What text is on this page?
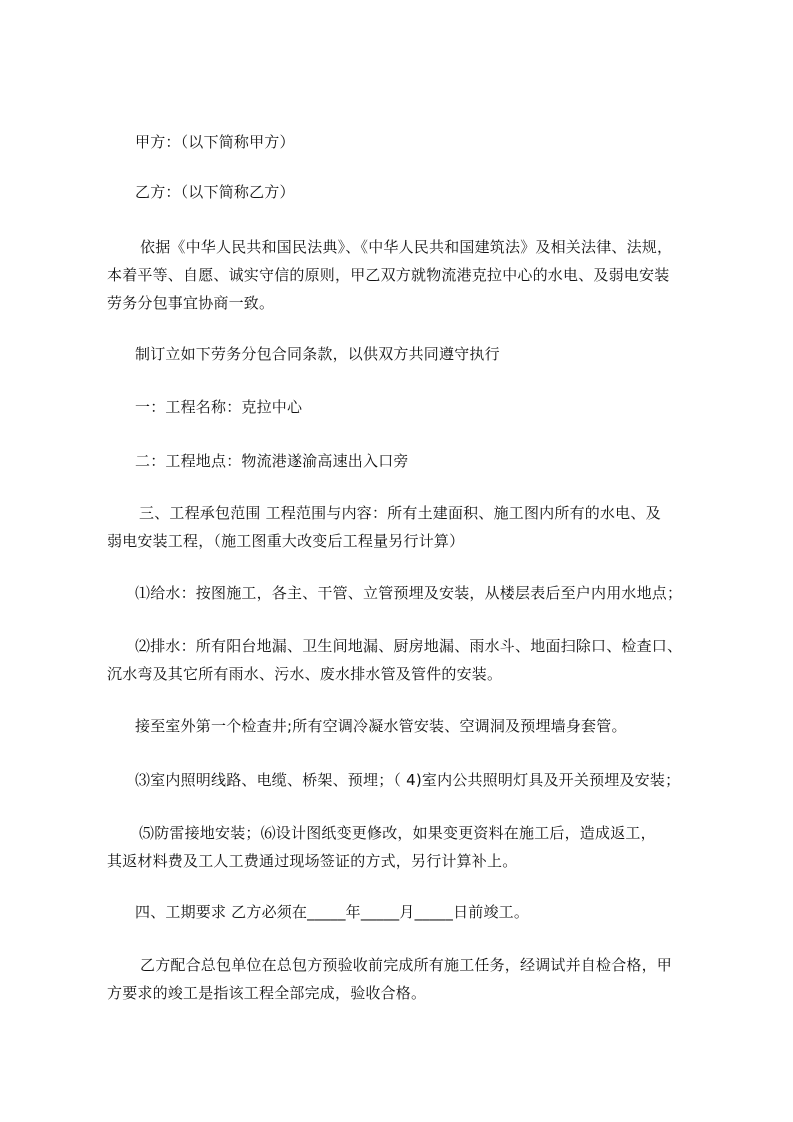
甲方：（以下简称甲方）
乙方：（以下简称乙方）
依据《中华人民共和国民法典》、《中华人民共和国建筑法》及相关法律、法规，
本着平等、自愿、诚实守信的原则，甲乙双方就物流港克拉中心的水电、及弱电安装
劳务分包事宜协商一致。
制订立如下劳务分包合同条款，以供双方共同遵守执行
一：工程名称：克拉中心
二：工程地点：物流港遂渝高速出入口旁
三、工程承包范围 工程范围与内容：所有土建面积、施工图内所有的水电、及
弱电安装工程，（施工图重大改变后工程量另行计算）
⑴给水：按图施工，各主、干管、立管预埋及安装，从楼层表后至户内用水地点；
⑵排水：所有阳台地漏、卫生间地漏、厨房地漏、雨水斗、地面扫除口、检查口、
沉水弯及其它所有雨水、污水、废水排水管及管件的安装。
接至室外第一个检查井;所有空调冷凝水管安装、空调洞及预埋墙身套管。
⑶室内照明线路、电缆、桥架、预埋；（ 4)室内公共照明灯具及开关预埋及安装；
⑸防雷接地安装；⑹设计图纸变更修改，如果变更资料在施工后，造成返工，
其返材料费及工人工费通过现场签证的方式，另行计算补上。
四、工期要求 乙方必须在_____年_____月_____日前竣工。
乙方配合总包单位在总包方预验收前完成所有施工任务，经调试并自检合格，甲
方要求的竣工是指该工程全部完成，验收合格。
